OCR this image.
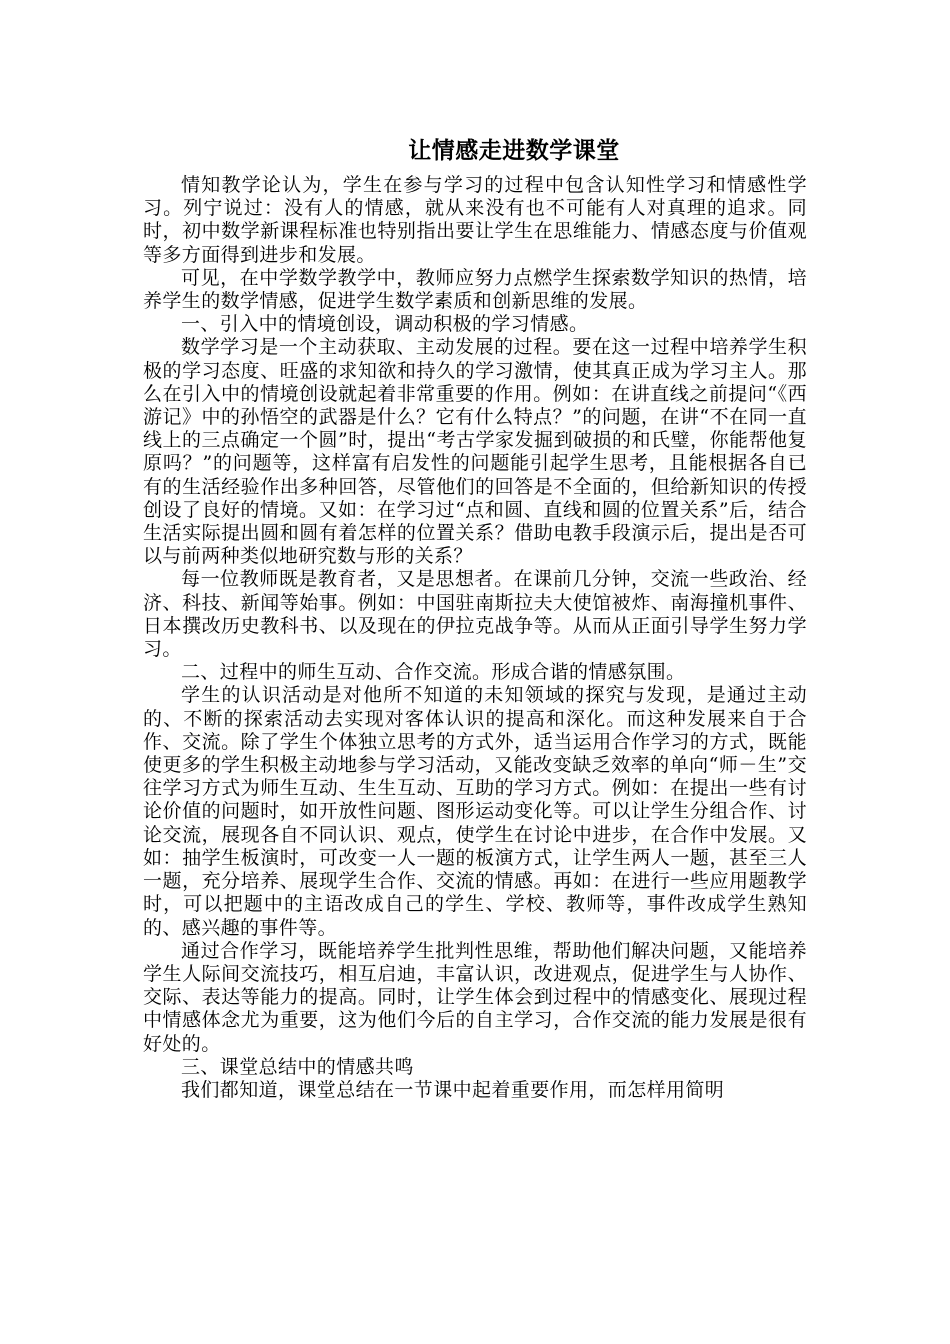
让情感走进数学课堂

情知教学论认为，学生在参与学习的过程中包含认知性学习和情感性学习。列宁说过：没有人的情感，就从来没有也不可能有人对真理的追求。同时，初中数学新课程标准也特别指出要让学生在思维能力、情感态度与价值观等多方面得到进步和发展。

可见，在中学数学教学中，教师应努力点燃学生探索数学知识的热情，培养学生的数学情感，促进学生数学素质和创新思维的发展。

一、引入中的情境创设，调动积极的学习情感。

数学学习是一个主动获取、主动发展的过程。要在这一过程中培养学生积极的学习态度、旺盛的求知欲和持久的学习激情，使其真正成为学习主人。那么在引入中的情境创设就起着非常重要的作用。例如：在讲直线之前提问“《西游记》中的孙悟空的武器是什么？它有什么特点？”的问题，在讲“不在同一直线上的三点确定一个圆”时，提出“考古学家发掘到破损的和氏璧，你能帮他复原吗？”的问题等，这样富有启发性的问题能引起学生思考，且能根据各自已有的生活经验作出多种回答，尽管他们的回答是不全面的，但给新知识的传授创设了良好的情境。又如：在学习过“点和圆、直线和圆的位置关系”后，结合生活实际提出圆和圆有着怎样的位置关系？借助电教手段演示后，提出是否可以与前两种类似地研究数与形的关系？

每一位教师既是教育者，又是思想者。在课前几分钟，交流一些政治、经济、科技、新闻等始事。例如：中国驻南斯拉夫大使馆被炸、南海撞机事件、日本撰改历史教科书、以及现在的伊拉克战争等。从而从正面引导学生努力学习。

二、过程中的师生互动、合作交流。形成合谐的情感氛围。

学生的认识活动是对他所不知道的未知领域的探究与发现，是通过主动的、不断的探索活动去实现对客体认识的提高和深化。而这种发展来自于合作、交流。除了学生个体独立思考的方式外，适当运用合作学习的方式，既能使更多的学生积极主动地参与学习活动，又能改变缺乏效率的单向“师－生”交往学习方式为师生互动、生生互动、互助的学习方式。例如：在提出一些有讨论价值的问题时，如开放性问题、图形运动变化等。可以让学生分组合作、讨论交流，展现各自不同认识、观点，使学生在讨论中进步，在合作中发展。又如：抽学生板演时，可改变一人一题的板演方式，让学生两人一题，甚至三人一题，充分培养、展现学生合作、交流的情感。再如：在进行一些应用题教学时，可以把题中的主语改成自己的学生、学校、教师等，事件改成学生熟知的、感兴趣的事件等。

通过合作学习，既能培养学生批判性思维，帮助他们解决问题，又能培养学生人际间交流技巧，相互启迪，丰富认识，改进观点，促进学生与人协作、交际、表达等能力的提高。同时，让学生体会到过程中的情感变化、展现过程中情感体念尤为重要，这为他们今后的自主学习，合作交流的能力发展是很有好处的。

三、课堂总结中的情感共鸣

我们都知道，课堂总结在一节课中起着重要作用，而怎样用简明
